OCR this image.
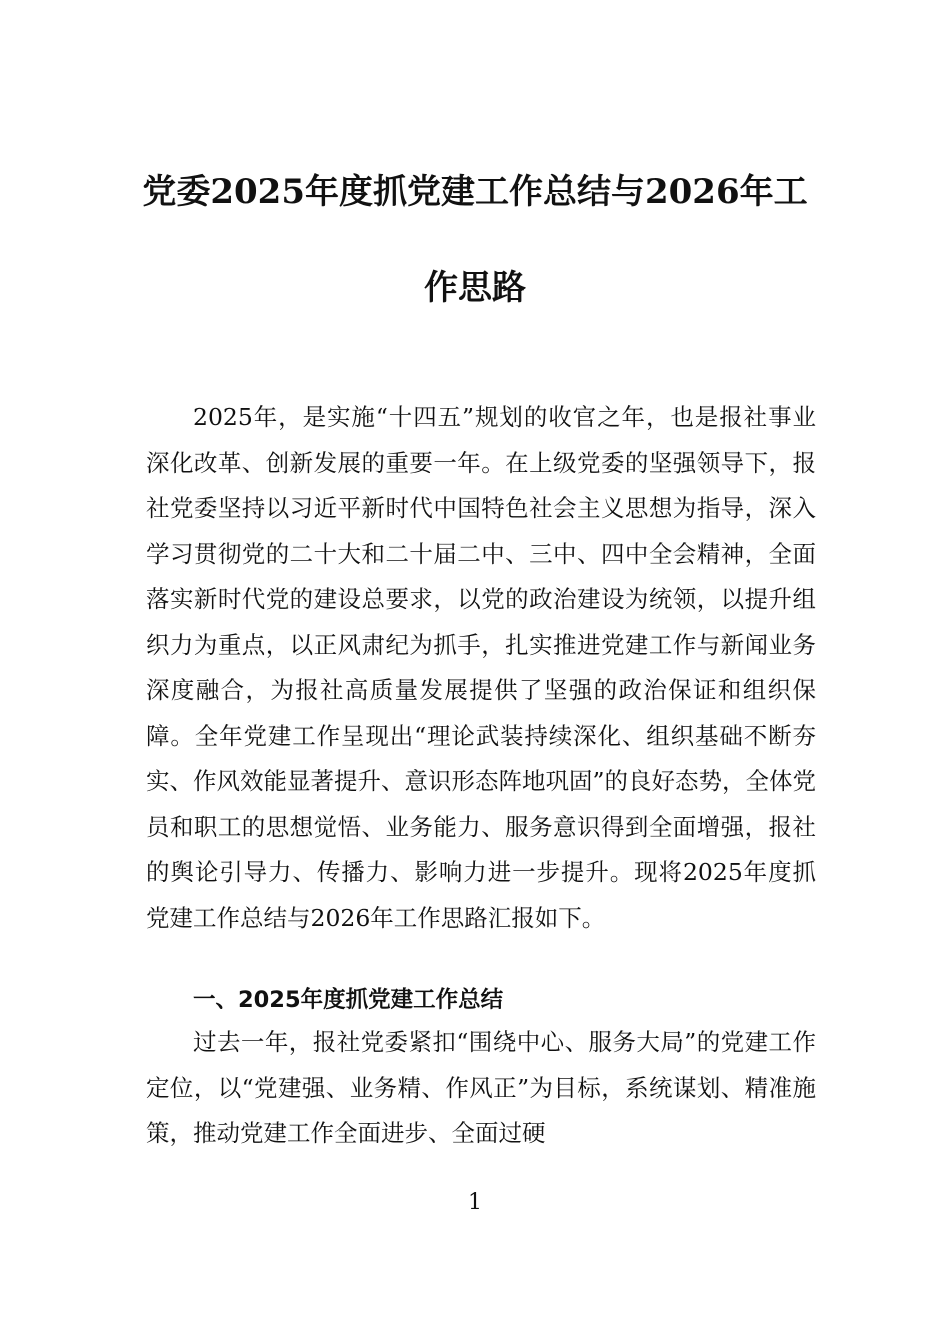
党委2025年度抓党建工作总结与2026年工
作思路
2025年，是实施“十四五”规划的收官之年，也是报社事业深化改革、创新发展的重要一年。在上级党委的坚强领导下，报社党委坚持以习近平新时代中国特色社会主义思想为指导，深入学习贯彻党的二十大和二十届二中、三中、四中全会精神，全面落实新时代党的建设总要求，以党的政治建设为统领，以提升组织力为重点，以正风肃纪为抓手，扎实推进党建工作与新闻业务深度融合，为报社高质量发展提供了坚强的政治保证和组织保障。全年党建工作呈现出“理论武装持续深化、组织基础不断夯实、作风效能显著提升、意识形态阵地巩固”的良好态势，全体党员和职工的思想觉悟、业务能力、服务意识得到全面增强，报社的舆论引导力、传播力、影响力进一步提升。现将2025年度抓党建工作总结与2026年工作思路汇报如下。
一、2025年度抓党建工作总结
过去一年，报社党委紧扣“围绕中心、服务大局”的党建工作定位，以“党建强、业务精、作风正”为目标，系统谋划、精准施策，推动党建工作全面进步、全面过硬
1
